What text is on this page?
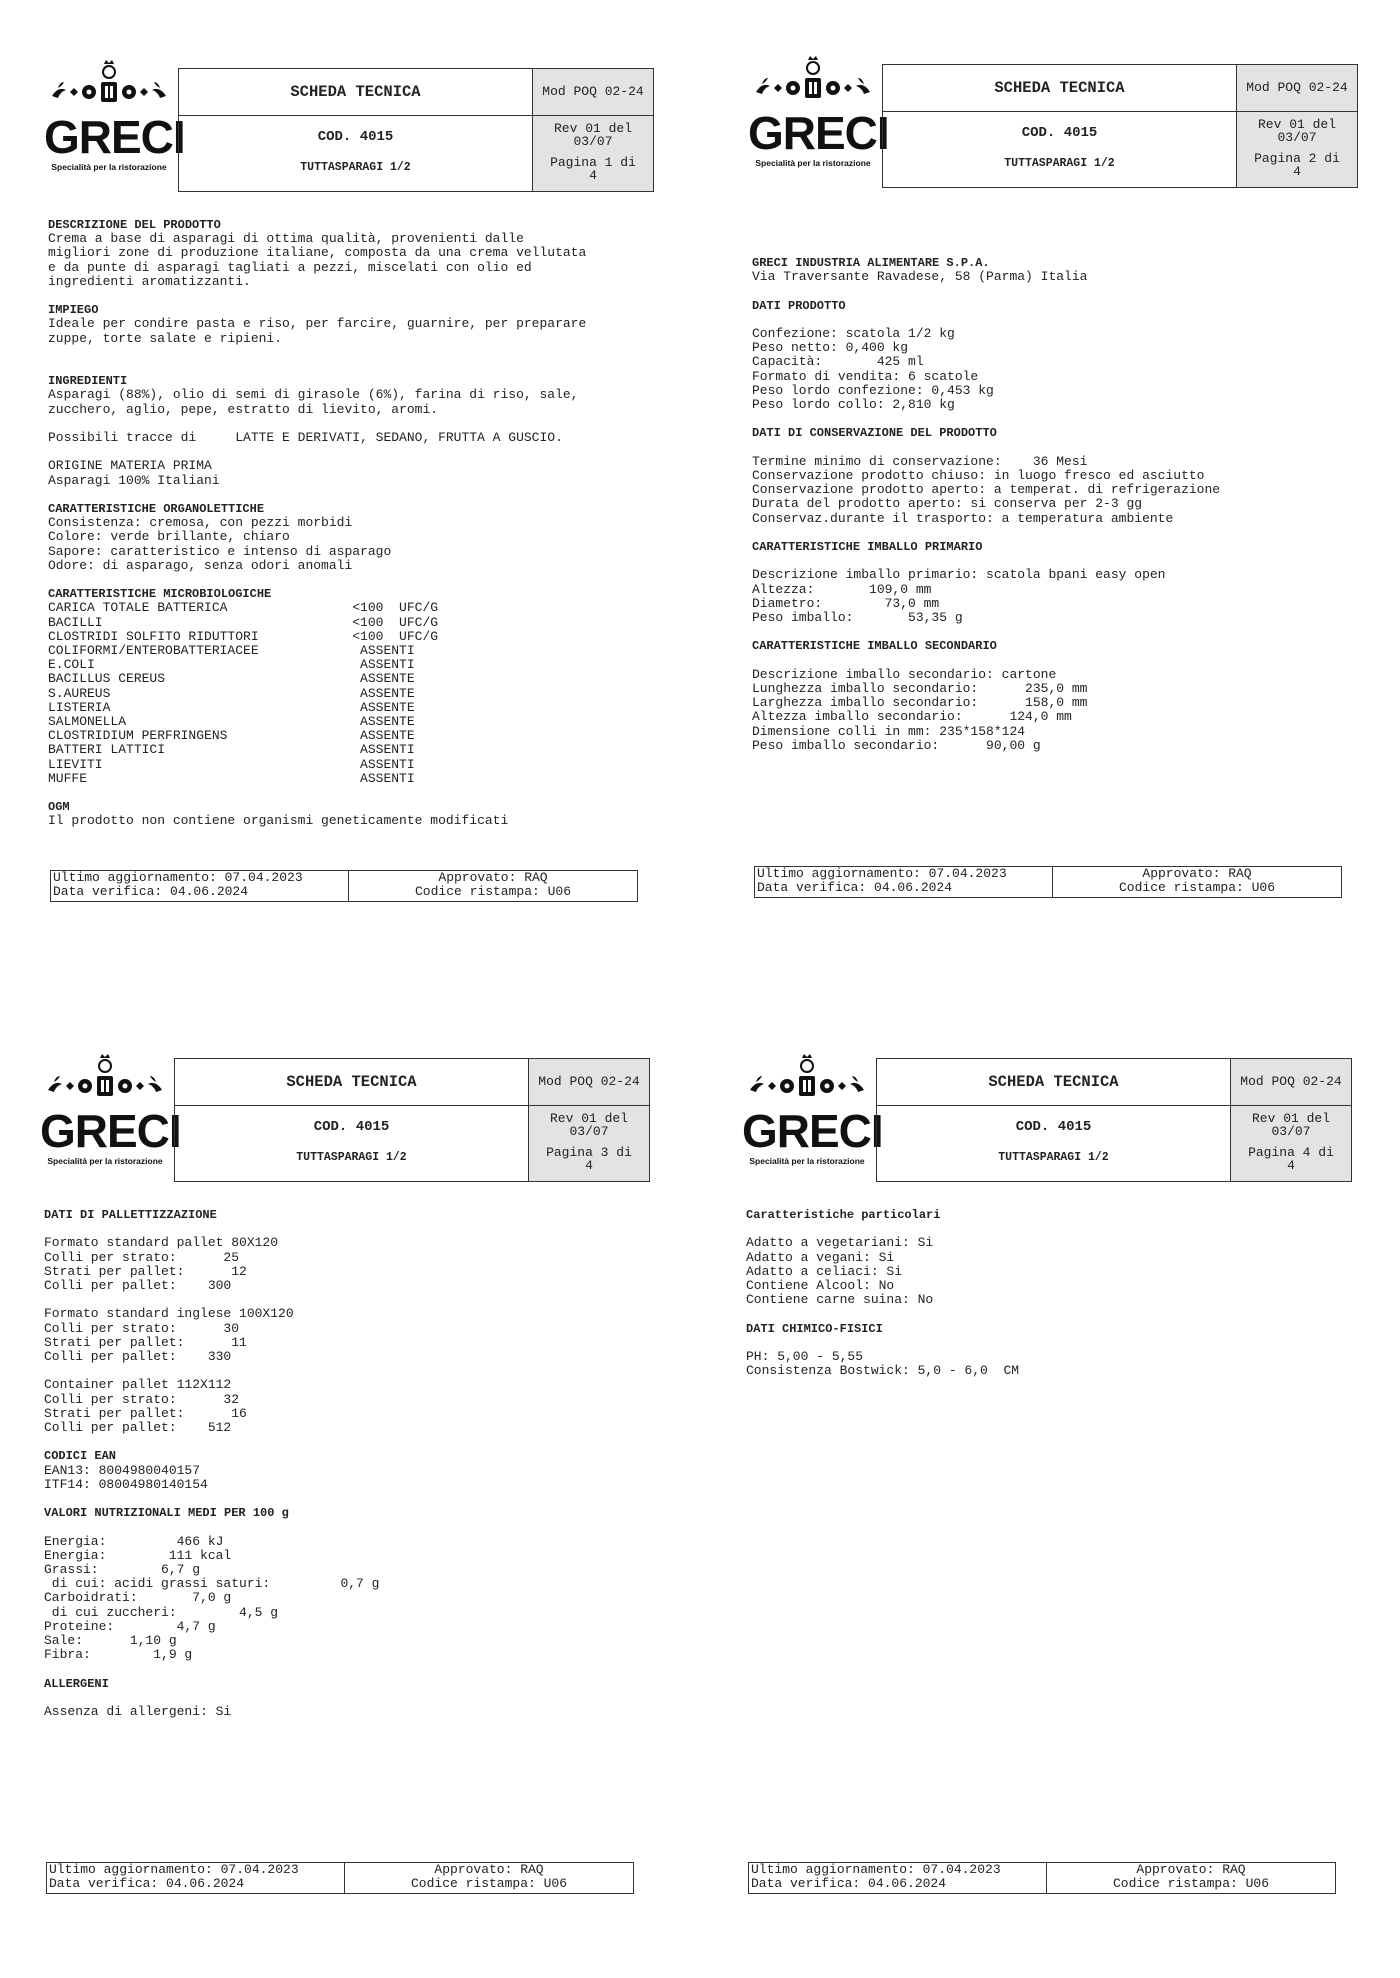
GRECI
Specialità per la ristorazione
SCHEDA TECNICA
COD. 4015
TUTTASPARAGI 1/2
Mod POQ 02-24
Rev 01 del
03/07
Pagina 1 di
4
DESCRIZIONE DEL PRODOTTO
Crema a base di asparagi di ottima qualità, provenienti dalle
migliori zone di produzione italiane, composta da una crema vellutata
e da punte di asparagi tagliati a pezzi, miscelati con olio ed
ingredienti aromatizzanti.
IMPIEGO
Ideale per condire pasta e riso, per farcire, guarnire, per preparare
zuppe, torte salate e ripieni.

INGREDIENTI
Asparagi (88%), olio di semi di girasole (6%), farina di riso, sale,
zucchero, aglio, pepe, estratto di lievito, aromi.

Possibili tracce di     LATTE E DERIVATI, SEDANO, FRUTTA A GUSCIO.

ORIGINE MATERIA PRIMA
Asparagi 100% Italiani
CARATTERISTICHE ORGANOLETTICHE
Consistenza: cremosa, con pezzi morbidi
Colore: verde brillante, chiaro
Sapore: caratteristico e intenso di asparago
Odore: di asparago, senza odori anomali

CARATTERISTICHE MICROBIOLOGICHE
CARICA TOTALE BATTERICA                <100  UFC/G
BACILLI                                <100  UFC/G
CLOSTRIDI SOLFITO RIDUTTORI            <100  UFC/G
COLIFORMI/ENTEROBATTERIACEE             ASSENTI
E.COLI                                  ASSENTI
BACILLUS CEREUS                         ASSENTE
S.AUREUS                                ASSENTE
LISTERIA                                ASSENTE
SALMONELLA                              ASSENTE
CLOSTRIDIUM PERFRINGENS                 ASSENTE
BATTERI LATTICI                         ASSENTI
LIEVITI                                 ASSENTI
MUFFE                                   ASSENTI
OGM
Il prodotto non contiene organismi geneticamente modificati
Ultimo aggiornamento: 07.04.2023
Data verifica: 04.06.2024
Approvato: RAQ
Codice ristampa: U06
GRECI
Specialità per la ristorazione
SCHEDA TECNICA
COD. 4015
TUTTASPARAGI 1/2
Mod POQ 02-24
Rev 01 del
03/07
Pagina 2 di
4
GRECI INDUSTRIA ALIMENTARE S.P.A.
Via Traversante Ravadese, 58 (Parma) Italia

DATI PRODOTTO
Confezione: scatola 1/2 kg
Peso netto: 0,400 kg
Capacità:       425 ml
Formato di vendita: 6 scatole
Peso lordo confezione: 0,453 kg
Peso lordo collo: 2,810 kg
DATI DI CONSERVAZIONE DEL PRODOTTO
Termine minimo di conservazione:    36 Mesi
Conservazione prodotto chiuso: in luogo fresco ed asciutto
Conservazione prodotto aperto: a temperat. di refrigerazione
Durata del prodotto aperto: si conserva per 2-3 gg
Conservaz.durante il trasporto: a temperatura ambiente
CARATTERISTICHE IMBALLO PRIMARIO
Descrizione imballo primario: scatola bpani easy open
Altezza:       109,0 mm
Diametro:        73,0 mm
Peso imballo:       53,35 g

CARATTERISTICHE IMBALLO SECONDARIO
Descrizione imballo secondario: cartone
Lunghezza imballo secondario:      235,0 mm
Larghezza imballo secondario:      158,0 mm
Altezza imballo secondario:      124,0 mm
Dimensione colli in mm: 235*158*124
Peso imballo secondario:      90,00 g
Ultimo aggiornamento: 07.04.2023
Data verifica: 04.06.2024
Approvato: RAQ
Codice ristampa: U06
GRECI
Specialità per la ristorazione
SCHEDA TECNICA
COD. 4015
TUTTASPARAGI 1/2
Mod POQ 02-24
Rev 01 del
03/07
Pagina 3 di
4
DATI DI PALLETTIZZAZIONE
Formato standard pallet 80X120
Colli per strato:      25
Strati per pallet:      12
Colli per pallet:    300

Formato standard inglese 100X120
Colli per strato:      30
Strati per pallet:      11
Colli per pallet:    330

Container pallet 112X112
Colli per strato:      32
Strati per pallet:      16
Colli per pallet:    512

CODICI EAN
EAN13: 8004980040157
ITF14: 08004980140154

VALORI NUTRIZIONALI MEDI PER 100 g
Energia:         466 kJ
Energia:        111 kcal
Grassi:        6,7 g
di cui: acidi grassi saturi:         0,7 g
Carboidrati:       7,0 g
di cui zuccheri:        4,5 g
Proteine:        4,7 g
Sale:      1,10 g
Fibra:        1,9 g
ALLERGENI
Assenza di allergeni: Si
Ultimo aggiornamento: 07.04.2023
Data verifica: 04.06.2024
Approvato: RAQ
Codice ristampa: U06
GRECI
Specialità per la ristorazione
SCHEDA TECNICA
COD. 4015
TUTTASPARAGI 1/2
Mod POQ 02-24
Rev 01 del
03/07
Pagina 4 di
4
Caratteristiche particolari
Adatto a vegetariani: Si
Adatto a vegani: Si
Adatto a celiaci: Si
Contiene Alcool: No
Contiene carne suina: No
DATI CHIMICO-FISICI
PH: 5,00 - 5,55
Consistenza Bostwick: 5,0 - 6,0  CM
Ultimo aggiornamento: 07.04.2023
Data verifica: 04.06.2024
Approvato: RAQ
Codice ristampa: U06
